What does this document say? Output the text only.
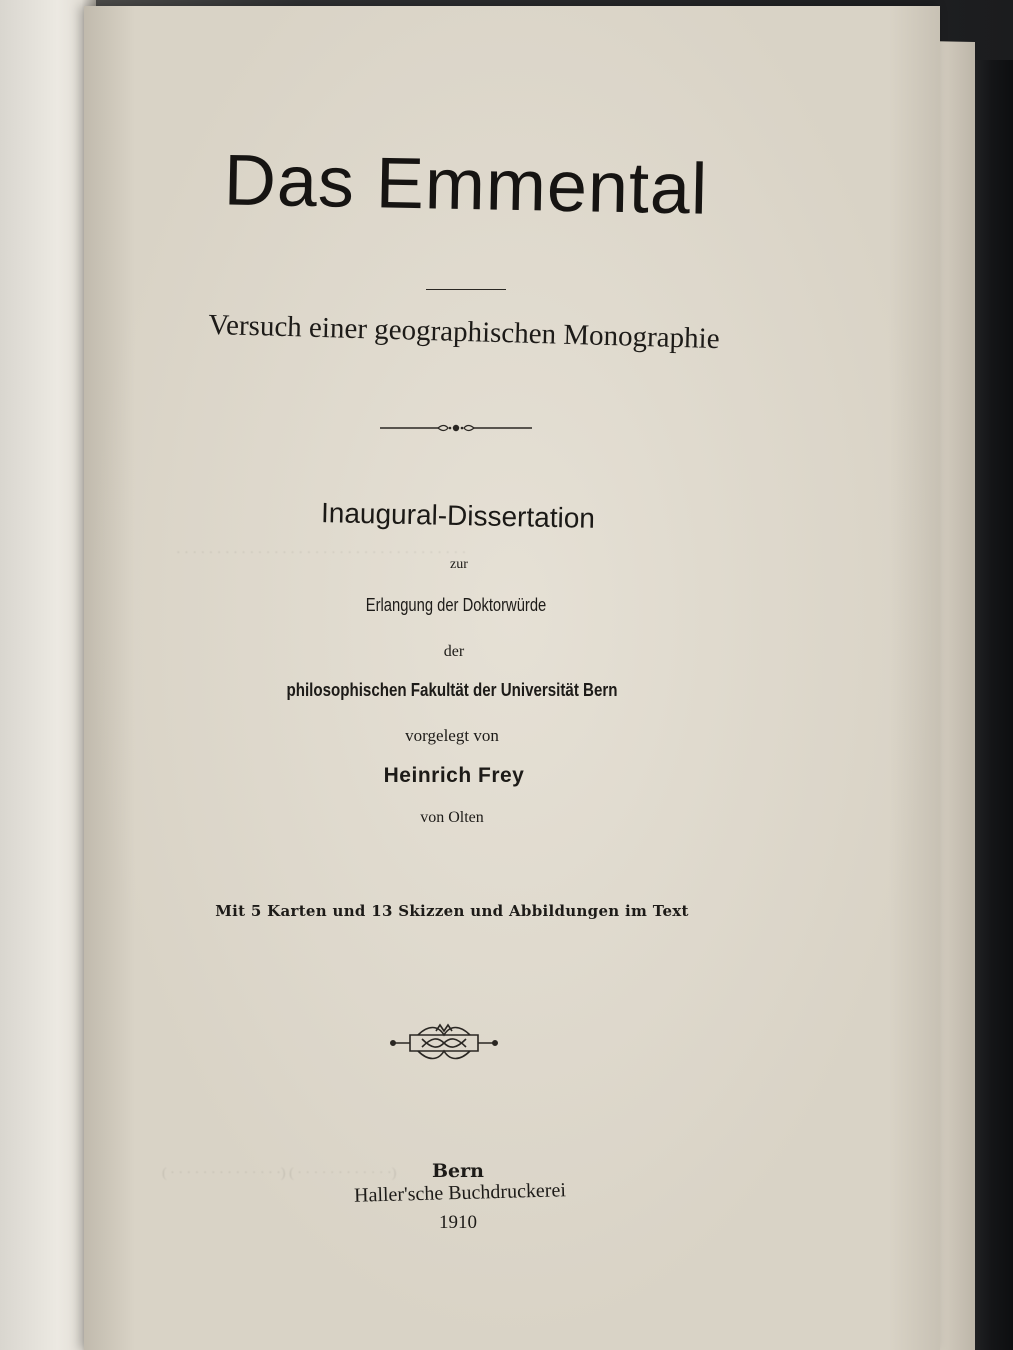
· · · · · · · · · · · · · · · · · · · · · · · · · · · · · · · · · · · ·
( · · · · · · · · · · · · · ·) ( · · · · · · · · · · · ·)
Das Emmental
Versuch einer geographischen Monographie
Inaugural-Dissertation
zur
Erlangung der Doktorwürde
der
philosophischen Fakultät der Universität Bern
vorgelegt von
Heinrich Frey
von Olten
Mit 5 Karten und 13 Skizzen und Abbildungen im Text
Bern
Haller'sche Buchdruckerei
1910
